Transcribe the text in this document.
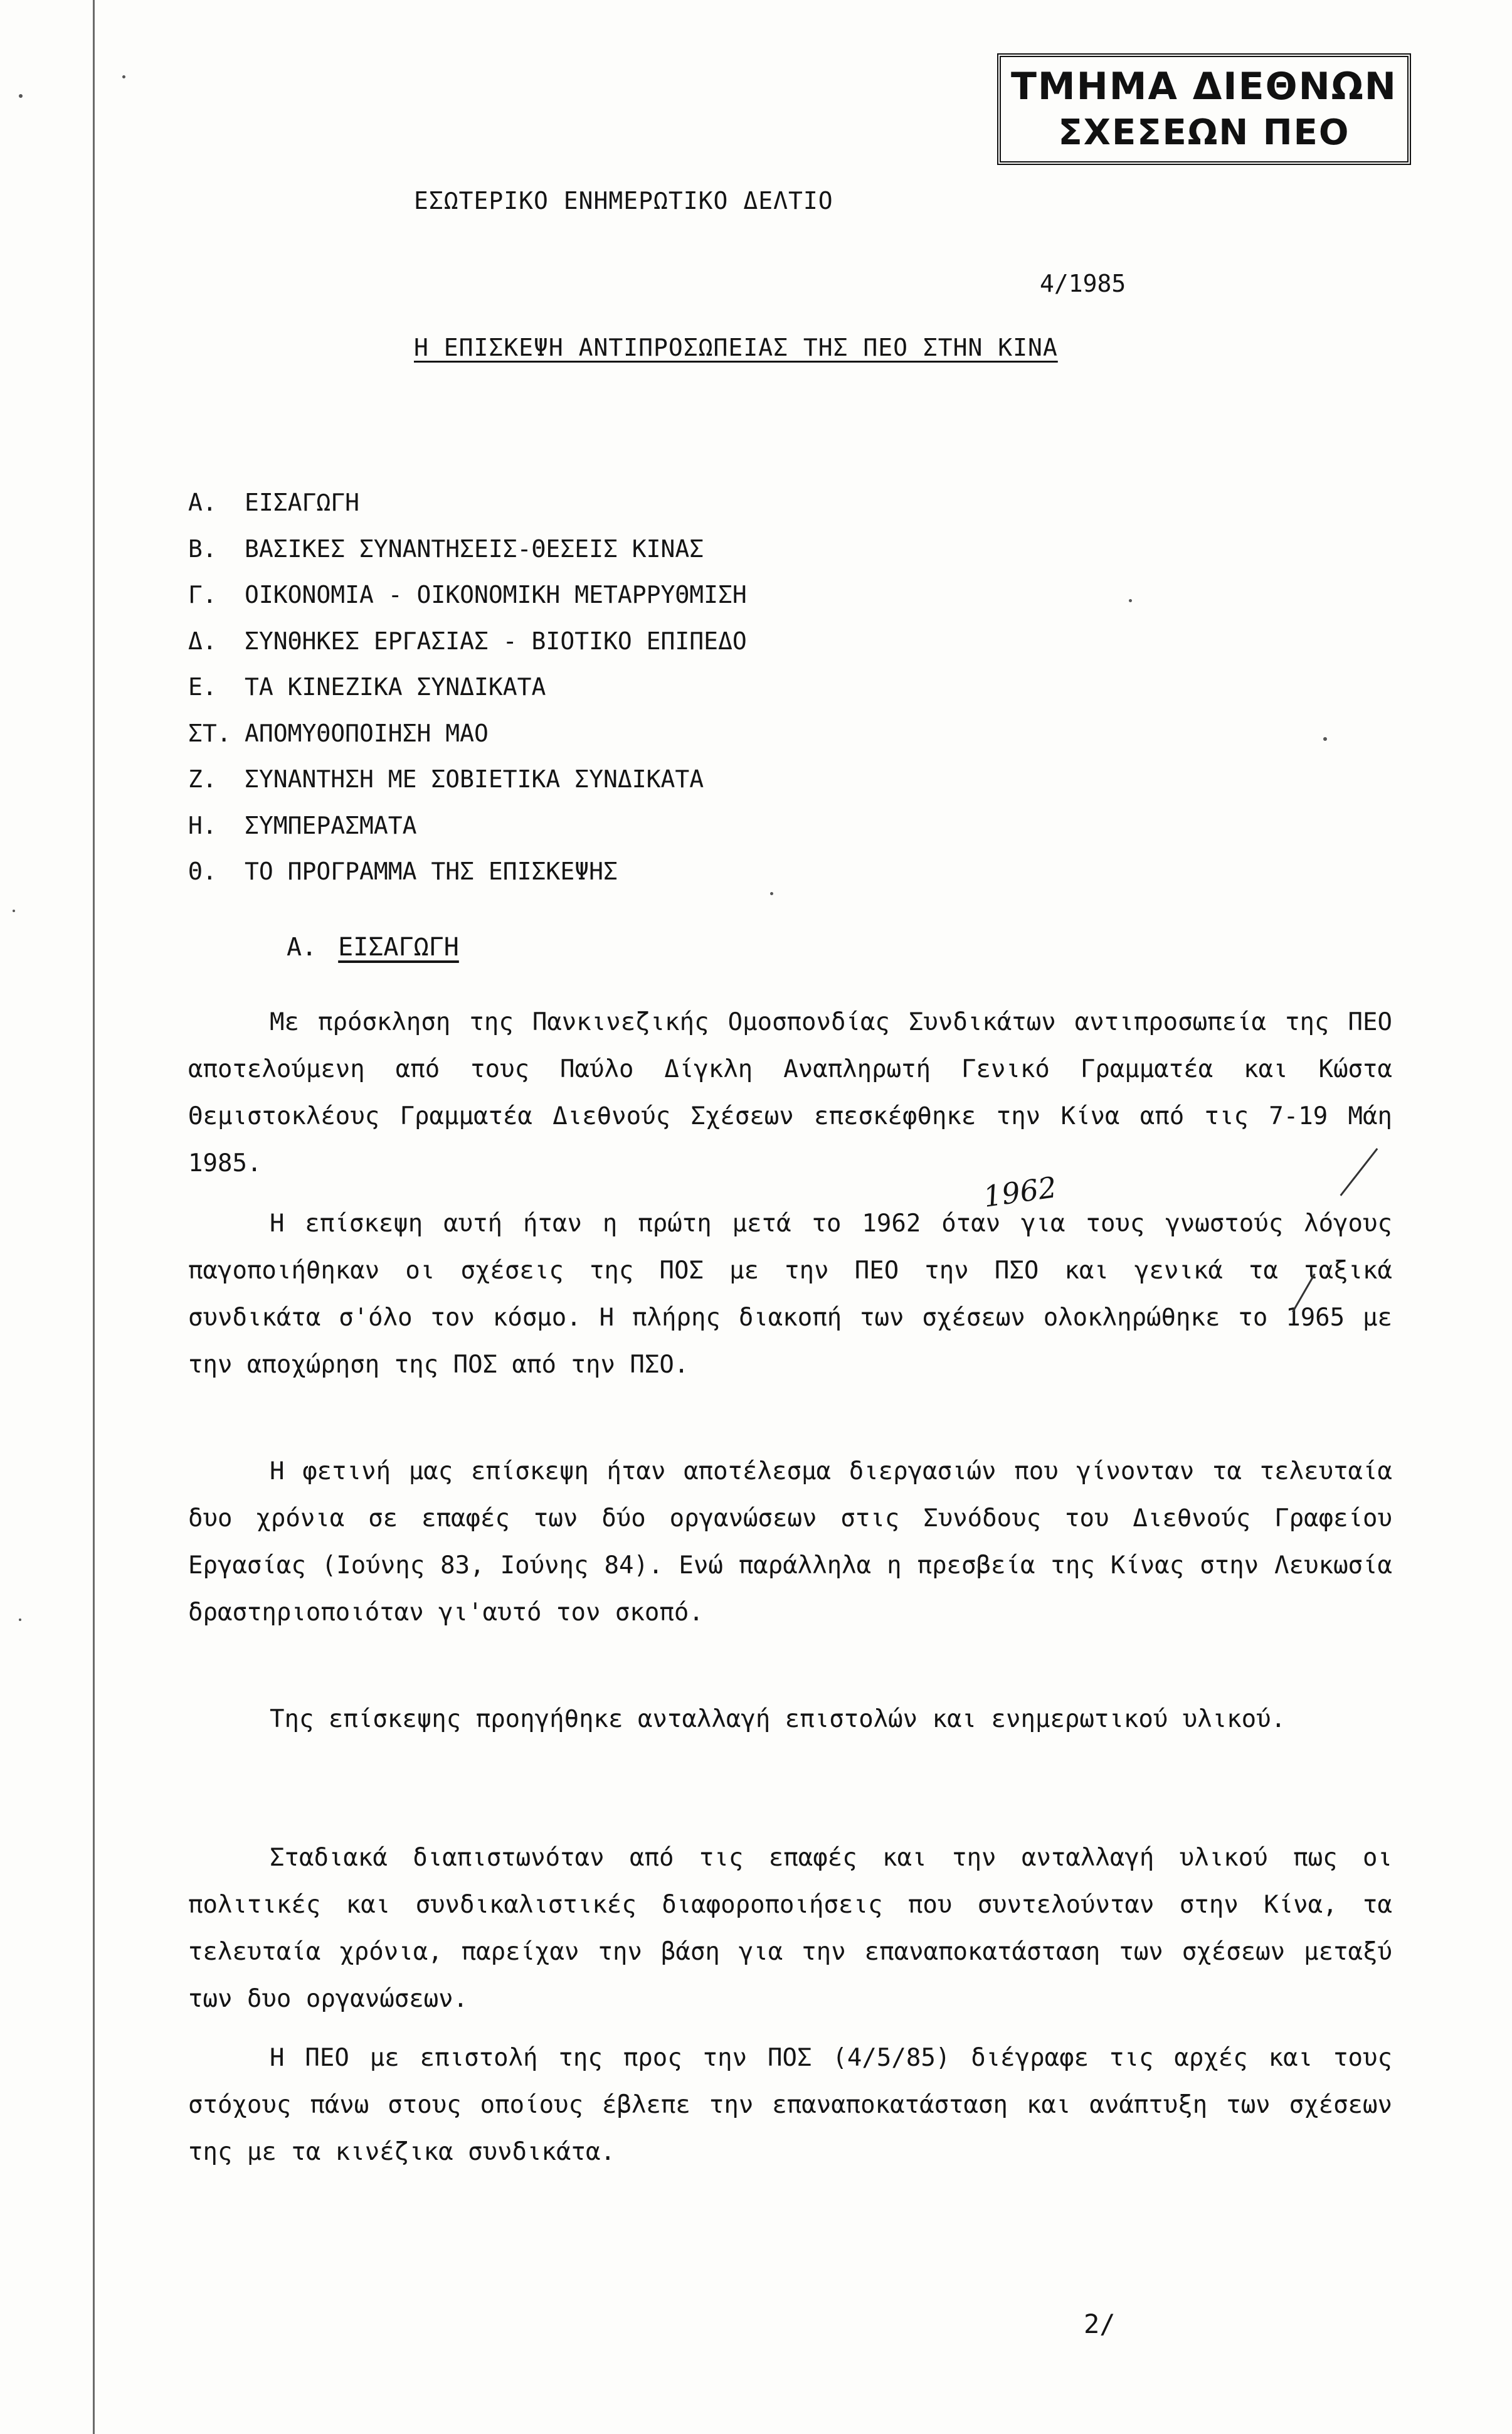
ΤΜΗΜΑ ΔΙΕΘΝΩΝ
ΣΧΕΣΕΩΝ ΠΕΟ
ΕΣΩΤΕΡΙΚΟ ΕΝΗΜΕΡΩΤΙΚΟ ΔΕΛΤΙΟ
4/1985
Η ΕΠΙΣΚΕΨΗ ΑΝΤΙΠΡΟΣΩΠΕΙΑΣ ΤΗΣ ΠΕΟ ΣΤΗΝ ΚΙΝΑ
Α.	ΕΙΣΑΓΩΓΗ
Β.	ΒΑΣΙΚΕΣ ΣΥΝΑΝΤΗΣΕΙΣ-ΘΕΣΕΙΣ ΚΙΝΑΣ
Γ.	ΟΙΚΟΝΟΜΙΑ - ΟΙΚΟΝΟΜΙΚΗ ΜΕΤΑΡΡΥΘΜΙΣΗ
Δ.	ΣΥΝΘΗΚΕΣ ΕΡΓΑΣΙΑΣ - ΒΙΟΤΙΚΟ ΕΠΙΠΕΔΟ
Ε.	ΤΑ ΚΙΝΕΖΙΚΑ ΣΥΝΔΙΚΑΤΑ
ΣΤ. ΑΠΟΜΥΘΟΠΟΙΗΣΗ ΜΑΟ
Ζ.	ΣΥΝΑΝΤΗΣΗ ΜΕ ΣΟΒΙΕΤΙΚΑ ΣΥΝΔΙΚΑΤΑ
Η.	ΣΥΜΠΕΡΑΣΜΑΤΑ
Θ.	ΤΟ ΠΡΟΓΡΑΜΜΑ ΤΗΣ ΕΠΙΣΚΕΨΗΣ
Α. ΕΙΣΑΓΩΓΗ

Με πρόσκληση της Πανκινεζικής Ομοσπονδίας Συνδικάτων αντιπροσωπεία της ΠΕΟ αποτελούμενη από τους Παύλο Δίγκλη Αναπληρωτή Γενικό Γραμματέα και Κώστα Θεμιστοκλέους Γραμματέα Διεθνούς Σχέσεων επεσκέφθηκε την Κίνα από τις 7-19 Μάη 1985.

Η επίσκεψη αυτή ήταν η πρώτη μετά το 1962 όταν για τους γνωστούς λόγους παγοποιήθηκαν οι σχέσεις της ΠΟΣ με την ΠΕΟ την ΠΣΟ και γενικά τα ταξικά συνδικάτα σ'όλο τον κόσμο. Η πλήρης διακοπή των σχέσεων ολοκληρώθηκε το 1965 με την αποχώρηση της ΠΟΣ από την ΠΣΟ.

Η φετινή μας επίσκεψη ήταν αποτέλεσμα διεργασιών που γίνονταν τα τελευταία δυο χρόνια σε επαφές των δύο οργανώσεων στις Συνόδους του Διεθνούς Γραφείου Εργασίας (Ιούνης 83, Ιούνης 84). Ενώ παράλληλα η πρεσβεία της Κίνας στην Λευκωσία δραστηριοποιόταν γι'αυτό τον σκοπό.

Της επίσκεψης προηγήθηκε ανταλλαγή επιστολών και ενημερωτικού υλικού.

Σταδιακά διαπιστωνόταν από τις επαφές και την ανταλλαγή υλικού πως οι πολιτικές και συνδικαλιστικές διαφοροποιήσεις που συντελούνταν στην Κίνα, τα τελευταία χρόνια, παρείχαν την βάση για την επαναποκατάσταση των σχέσεων μεταξύ των δυο οργανώσεων.

Η ΠΕΟ με επιστολή της προς την ΠΟΣ (4/5/85) διέγραφε τις αρχές και τους στόχους πάνω στους οποίους έβλεπε την επαναποκατάσταση και ανάπτυξη των σχέσεων της με τα κινέζικα συνδικάτα.

1962
2/
